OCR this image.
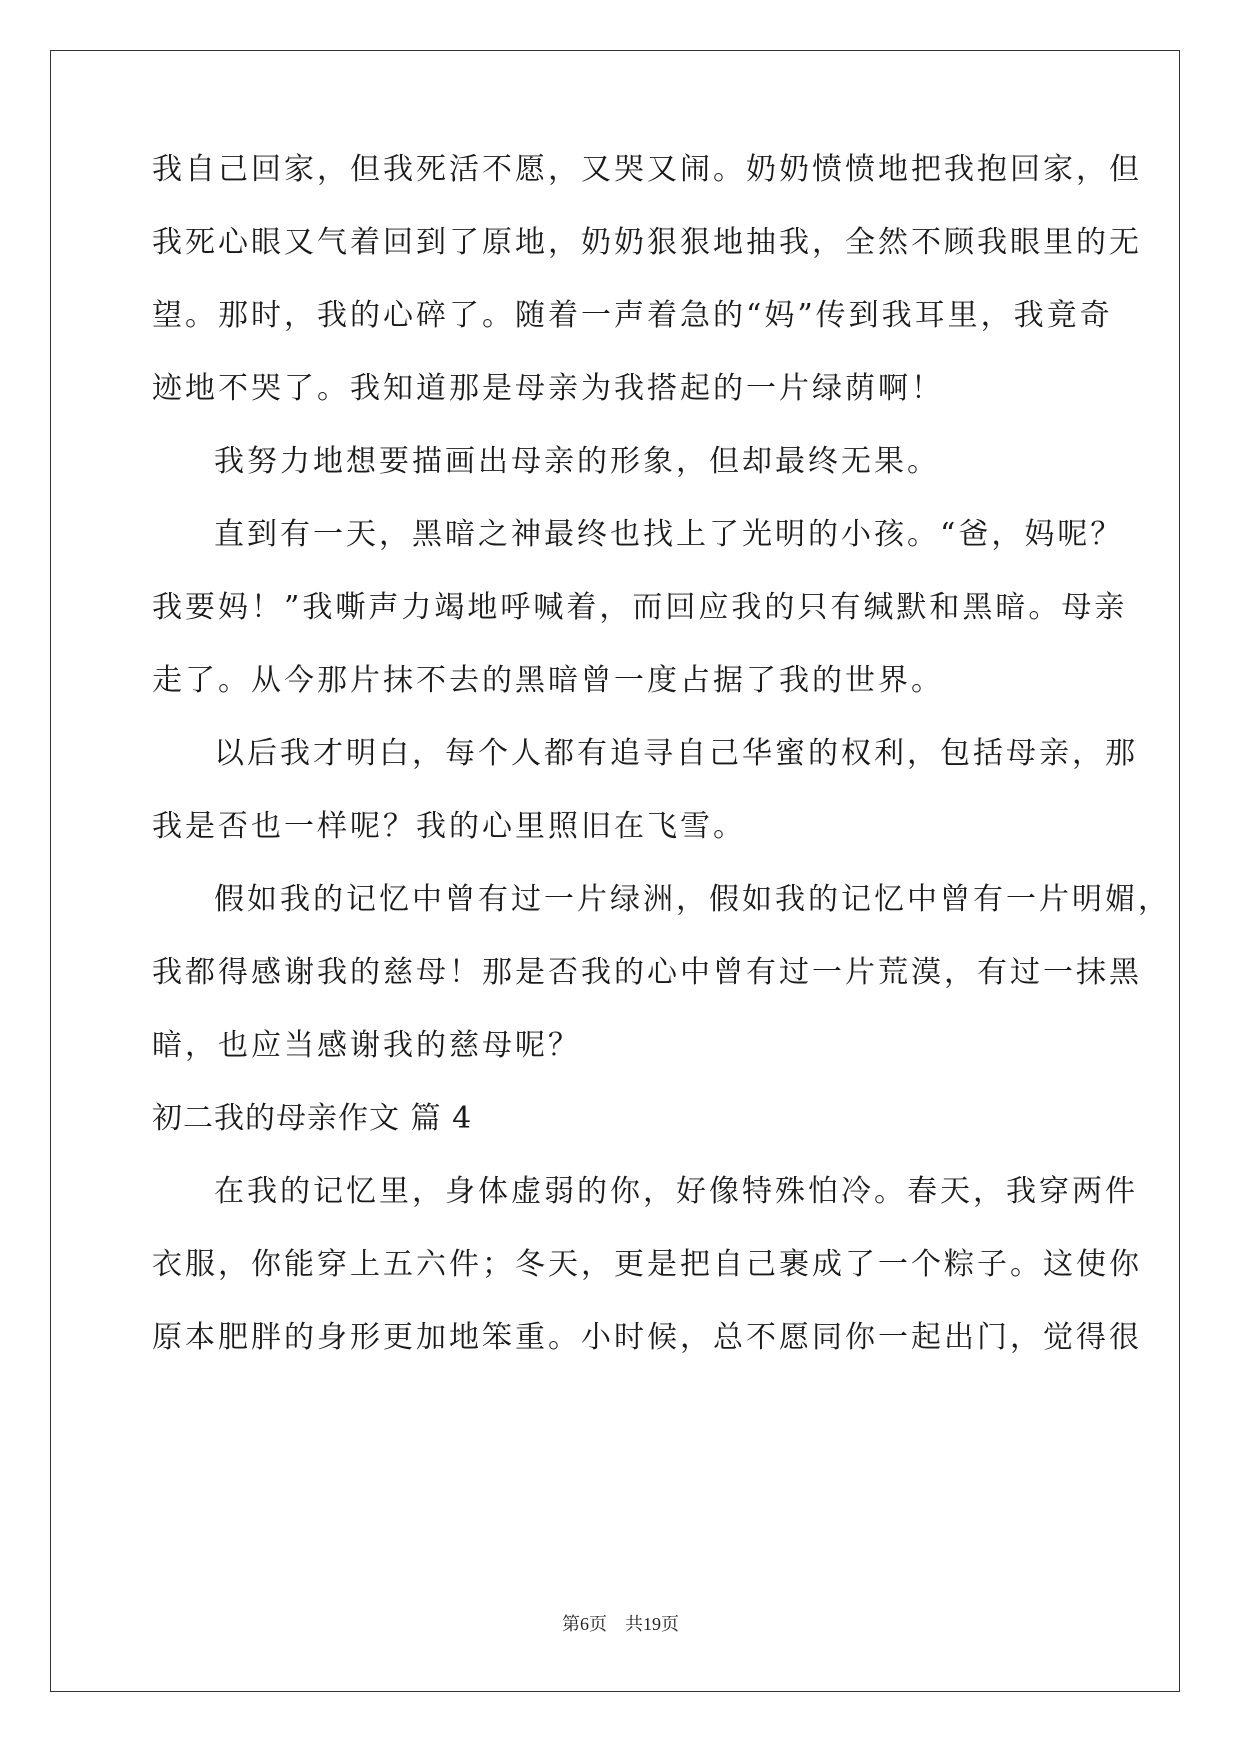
我自己回家，但我死活不愿，又哭又闹。奶奶愤愤地把我抱回家，但
我死心眼又气着回到了原地，奶奶狠狠地抽我，全然不顾我眼里的无
望。那时，我的心碎了。随着一声着急的“妈”传到我耳里，我竟奇
迹地不哭了。我知道那是母亲为我搭起的一片绿荫啊！
我努力地想要描画出母亲的形象，但却最终无果。
直到有一天，黑暗之神最终也找上了光明的小孩。“爸，妈呢？
我要妈！”我嘶声力竭地呼喊着，而回应我的只有缄默和黑暗。母亲
走了。从今那片抹不去的黑暗曾一度占据了我的世界。
以后我才明白，每个人都有追寻自己华蜜的权利，包括母亲，那
我是否也一样呢？我的心里照旧在飞雪。
假如我的记忆中曾有过一片绿洲，假如我的记忆中曾有一片明媚，
我都得感谢我的慈母！那是否我的心中曾有过一片荒漠，有过一抹黑
暗，也应当感谢我的慈母呢？
初二我的母亲作文 篇 4
在我的记忆里，身体虚弱的你，好像特殊怕冷。春天，我穿两件
衣服，你能穿上五六件；冬天，更是把自己裹成了一个粽子。这使你
原本肥胖的身形更加地笨重。小时候，总不愿同你一起出门，觉得很
第6页 共19页
